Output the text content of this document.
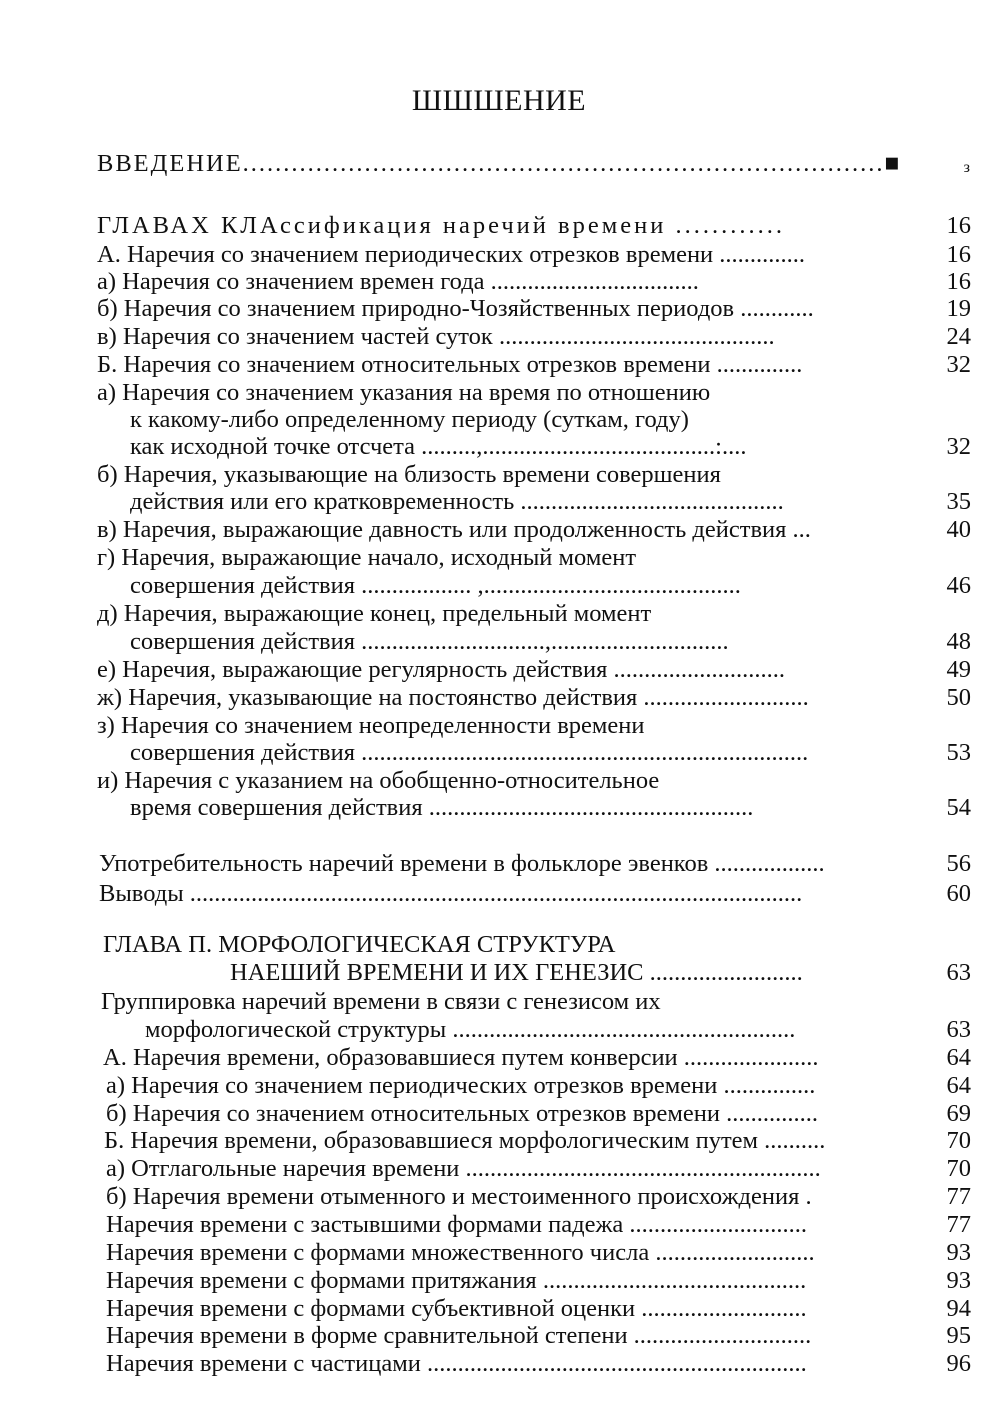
ШШШЕНИЕ
ВВЕДЕНИЕ...............................................................................■	з
ГЛАВАХ КЛАссификация наречий времени ............	16
А. Наречия со значением периодических отрезков времени ..............	16
а) Наречия со значением времен года ..................................	16
б) Наречия со значением природно-Чозяйственных периодов ............	19
в) Наречия со значением частей суток .............................................	24
Б. Наречия со значением относительных отрезков времени ..............	32
а) Наречия со значением указания на время по отношению
к какому-либо определенному периоду (суткам, году)
как исходной точке отсчета .........,......................................:....	32
б) Наречия, указывающие на близость времени совершения
действия или его кратковременность ...........................................	35
в) Наречия, выражающие давность или продолженность действия ...	40
г) Наречия, выражающие начало, исходный момент
совершения действия .................. ,..........................................	46
д) Наречия, выражающие конец, предельный момент
совершения действия ..............................,.............................	48
е) Наречия, выражающие регулярность действия ............................	49
ж) Наречия, указывающие на постоянство действия ...........................	50
з) Наречия со значением неопределенности времени
совершения действия .........................................................................	53
и) Наречия с указанием на обобщенно-относительное
время совершения действия .....................................................	54
Употребительность наречий времени в фольклоре эвенков ..................	56
Выводы ....................................................................................................	60
ГЛАВА П. МОРФОЛОГИЧЕСКАЯ СТРУКТУРА
НАЕШИЙ ВРЕМЕНИ И ИХ ГЕНЕЗИС .........................	63
Группировка наречий времени в связи с генезисом их
морфологической структуры ........................................................	63
А. Наречия времени, образовавшиеся путем конверсии ......................	64
а) Наречия со значением периодических отрезков времени ...............	64
б) Наречия со значением относительных отрезков времени ...............	69
Б. Наречия времени, образовавшиеся морфологическим путем ..........	70
а) Отглагольные наречия времени ..........................................................	70
б) Наречия времени отыменного и местоименного происхождения .	77
Наречия времени с застывшими формами падежа .............................	77
Наречия времени с формами множественного числа ..........................	93
Наречия времени с формами притяжания ...........................................	93
Наречия времени с формами субъективной оценки ...........................	94
Наречия времени в форме сравнительной степени .............................	95
Наречия времени с частицами ..............................................................	96
